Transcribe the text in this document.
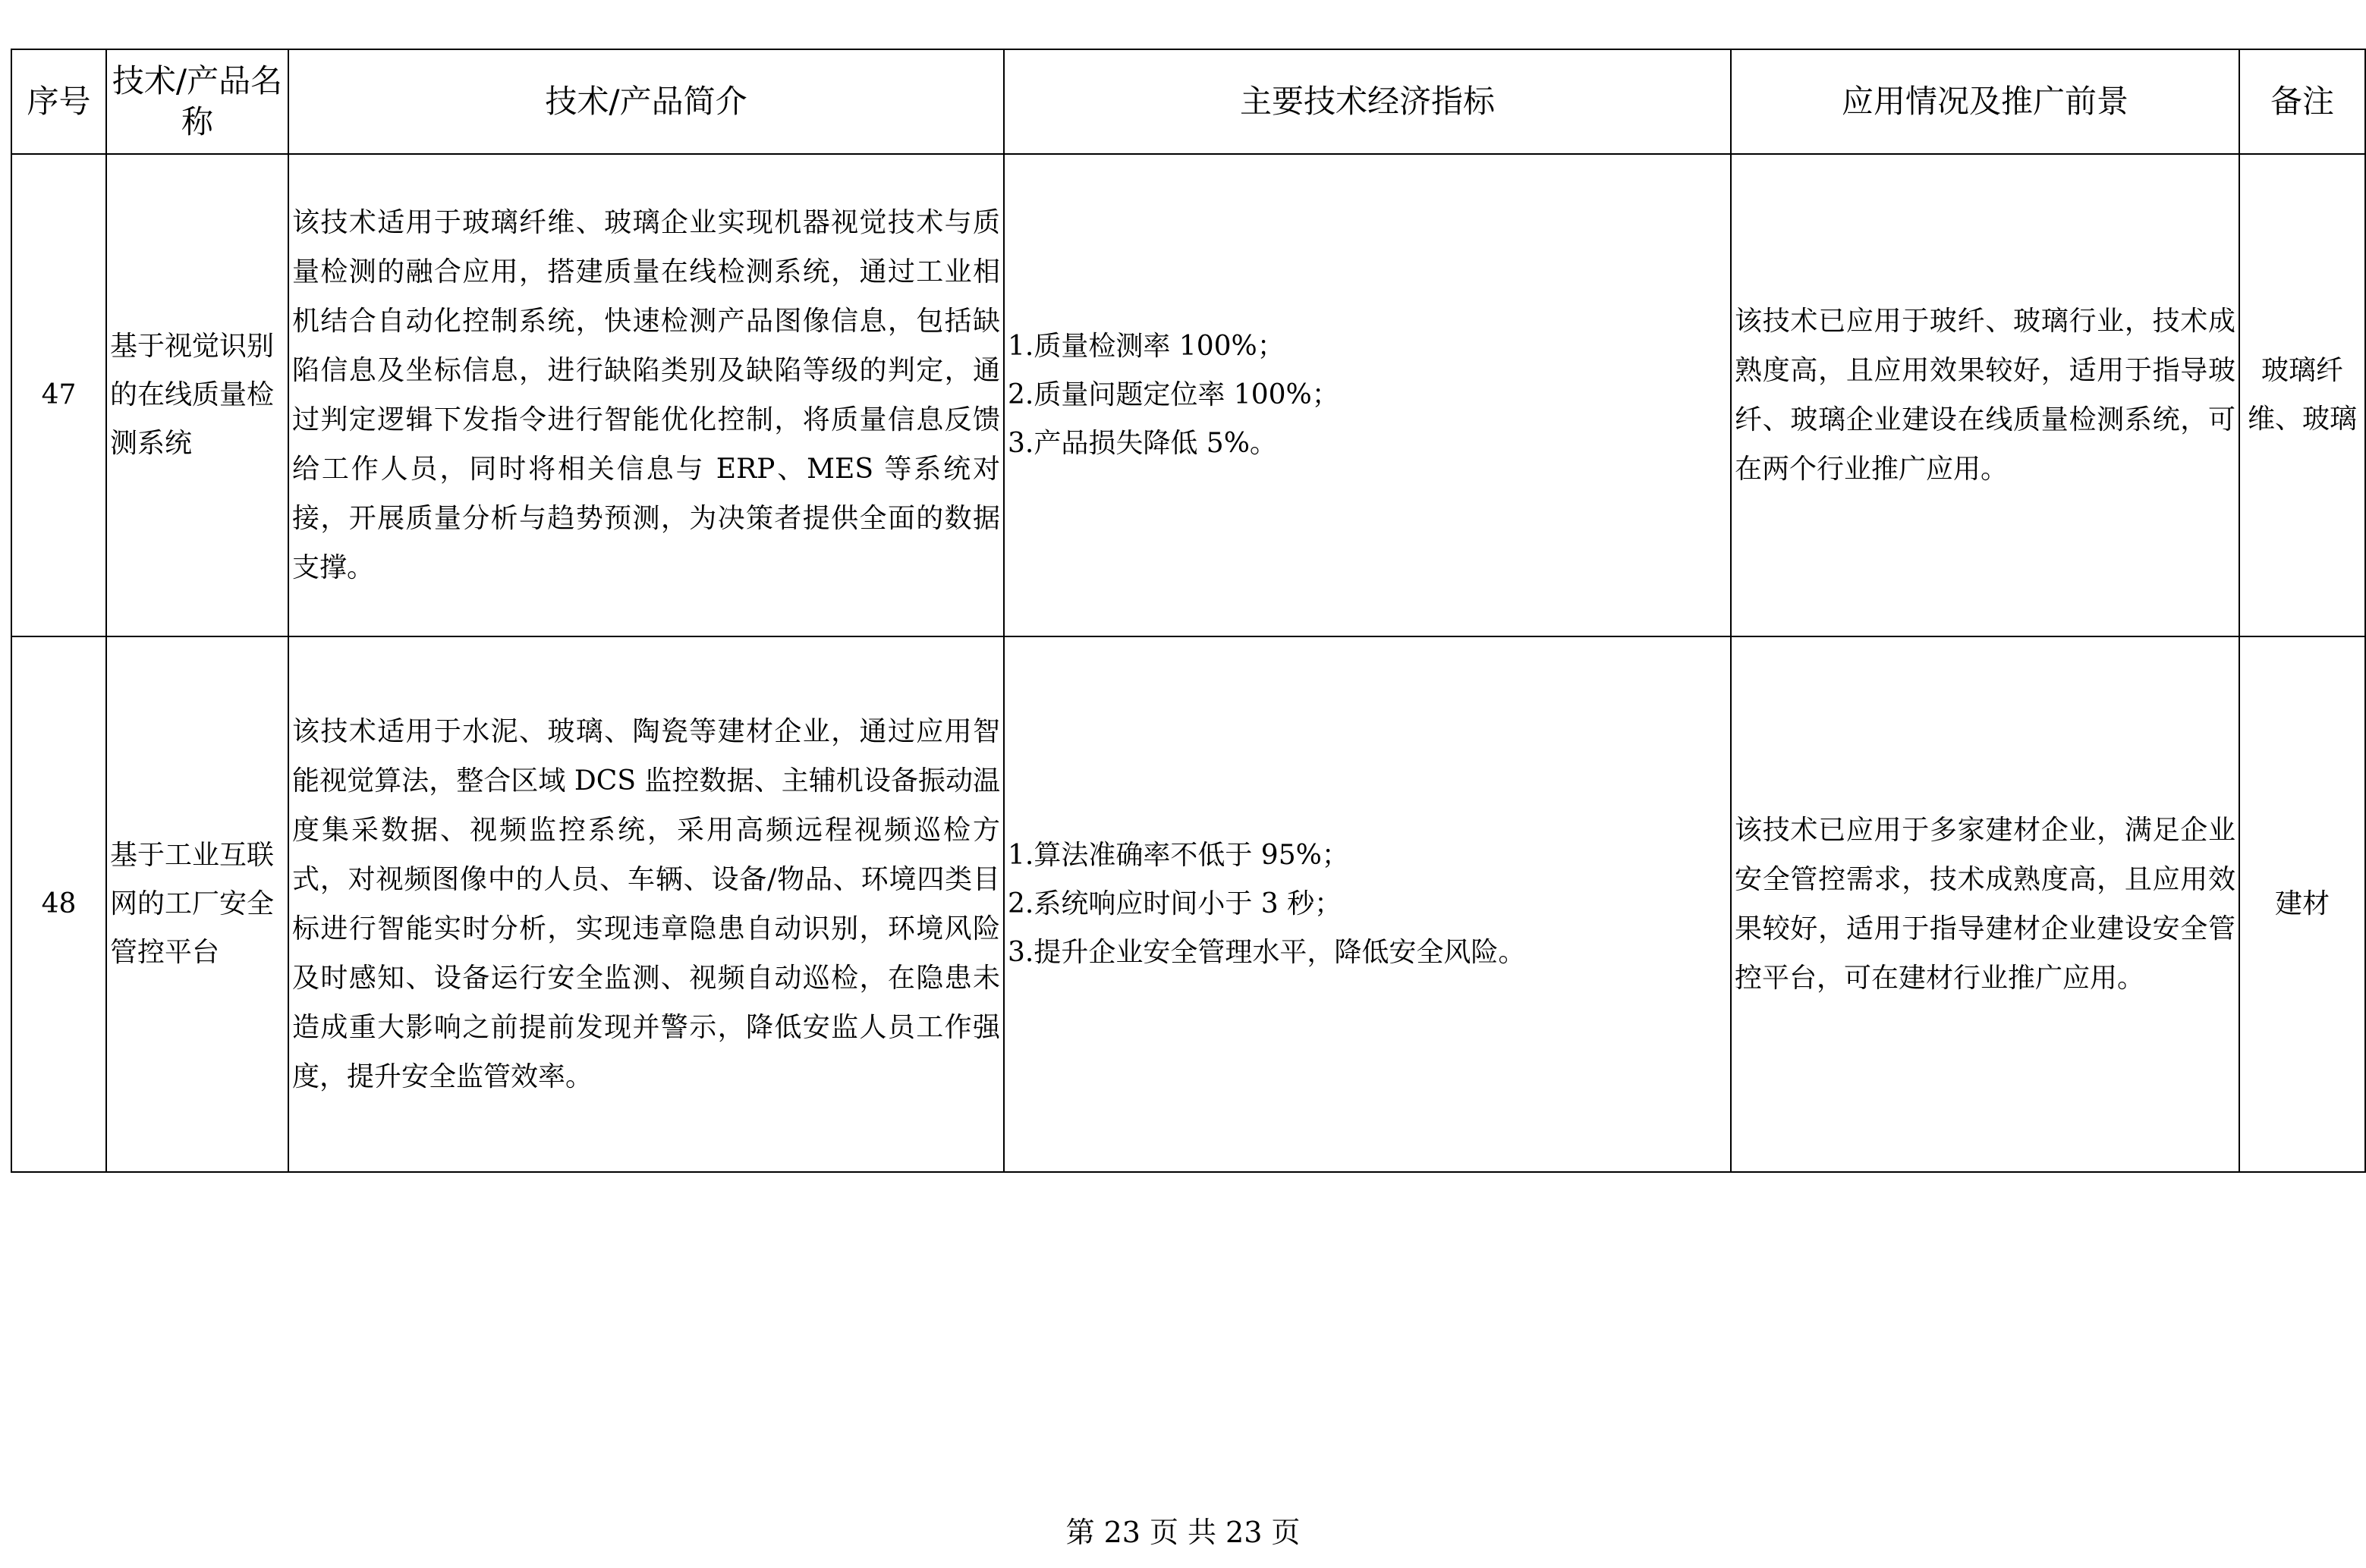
序号	技术/产品名称	技术/产品简介	主要技术经济指标	应用情况及推广前景	备注
47	基于视觉识别的在线质量检测系统	该技术适用于玻璃纤维、玻璃企业实现机器视觉技术与质量检测的融合应用，搭建质量在线检测系统，通过工业相机结合自动化控制系统，快速检测产品图像信息，包括缺陷信息及坐标信息，进行缺陷类别及缺陷等级的判定，通过判定逻辑下发指令进行智能优化控制，将质量信息反馈给工作人员，同时将相关信息与 ERP、MES 等系统对接，开展质量分析与趋势预测，为决策者提供全面的数据支撑。	1.质量检测率 100%；
2.质量问题定位率 100%；
3.产品损失降低 5%。	该技术已应用于玻纤、玻璃行业，技术成熟度高，且应用效果较好，适用于指导玻纤、玻璃企业建设在线质量检测系统，可在两个行业推广应用。	玻璃纤维、玻璃
48	基于工业互联网的工厂安全管控平台	该技术适用于水泥、玻璃、陶瓷等建材企业，通过应用智能视觉算法，整合区域 DCS 监控数据、主辅机设备振动温度集采数据、视频监控系统，采用高频远程视频巡检方式，对视频图像中的人员、车辆、设备/物品、环境四类目标进行智能实时分析，实现违章隐患自动识别，环境风险及时感知、设备运行安全监测、视频自动巡检，在隐患未造成重大影响之前提前发现并警示，降低安监人员工作强度，提升安全监管效率。	1.算法准确率不低于 95%；
2.系统响应时间小于 3 秒；
3.提升企业安全管理水平，降低安全风险。	该技术已应用于多家建材企业，满足企业安全管控需求，技术成熟度高，且应用效果较好，适用于指导建材企业建设安全管控平台，可在建材行业推广应用。	建材
第 23 页 共 23 页
